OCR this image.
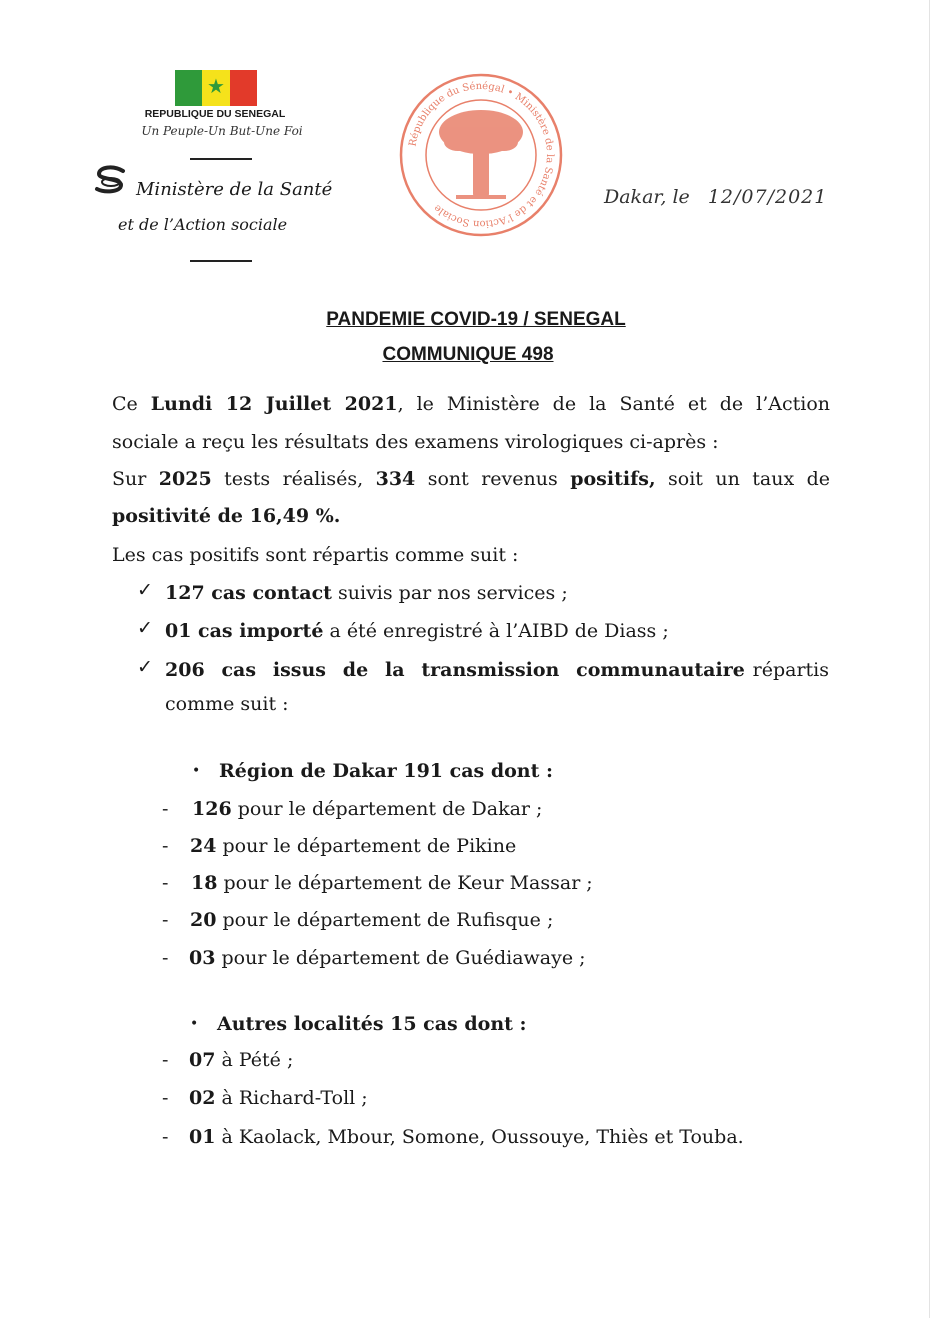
★
REPUBLIQUE DU SENEGAL
Un Peuple-Un But-Une Foi
Ministère de la Santé
et de l’Action sociale
République du Sénégal • Ministère de la Santé et de l’Action Sociale
Dakar, le 12/07/2021
PANDEMIE COVID-19 / SENEGAL
COMMUNIQUE 498
Ce Lundi 12 Juillet 2021, le Ministère de la Santé et de l’Action
sociale a reçu les résultats des examens virologiques ci-après :
Sur 2025 tests réalisés, 334 sont revenus positifs, soit un taux de
positivité de 16,49 %.
Les cas positifs sont répartis comme suit :
✓ 127 cas contact suivis par nos services ;
✓ 01 cas importé a été enregistré à l’AIBD de Diass ;
✓ 206  cas  issus  de  la  transmission  communautaire répartis
comme suit :
• Région de Dakar 191 cas dont :
- 126 pour le département de Dakar ;
- 24 pour le département de Pikine
- 18 pour le département de Keur Massar ;
- 20 pour le département de Rufisque ;
- 03 pour le département de Guédiawaye ;
• Autres localités 15 cas dont :
- 07 à Pété ;
- 02 à Richard-Toll ;
- 01 à Kaolack, Mbour, Somone, Oussouye, Thiès et Touba.
